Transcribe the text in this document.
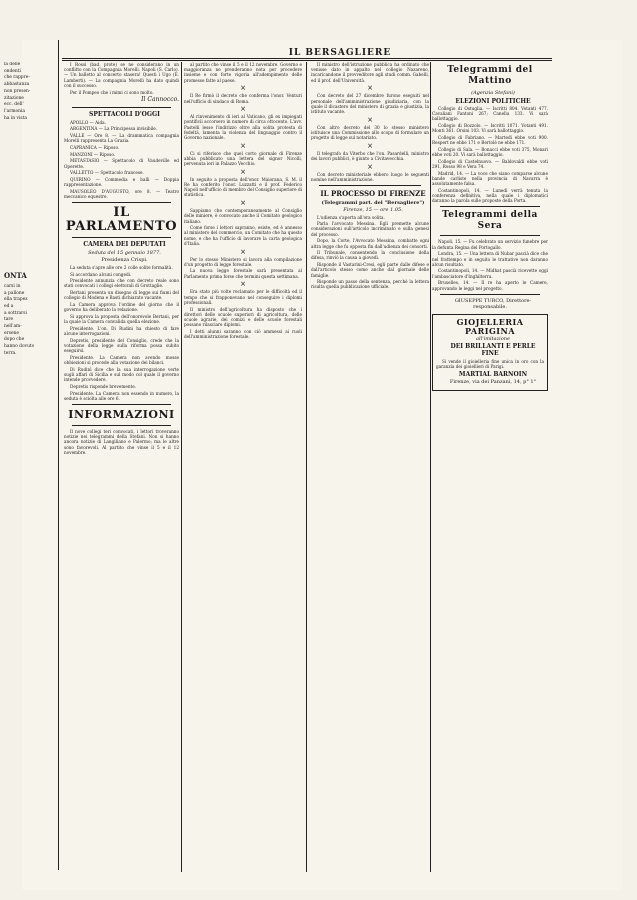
IL BERSAGLIERE

la delle

ondenti

che rappre-

abbastanza

non presen-

zitazione

ecc. dell'

l'armonia

ha in vista

ONTA

carsi in

a pallone

ella trapez

ed a

a sottrarsi

tare

nell'am-

ersene

dopo che

hanno dovuto

terra.

I Rossi (bad. prote) se ne considerano in un conflitto con la Compagnia Morelli. Napoli (S. Carlo). — Un balletto al concerto stasera! Questi i Ugo (E. Lamberti). — La compagnia Morelli ha dato quindi con il successo.

Per il Pompeo che i mimi ci sono molto.

Il Cannocco.

SPETTACOLI D'OGGI

APOLLO — Aida.

ARGENTINA — La Principessa invisibile.

VALLE — Ore 8. — La drammatica compagnia Morelli rappresenta La Grazia.

CAPRANICA — Riposo.

MANZONI — Riposo.

METASTASIO — Spettacolo di Vaudeville ed Operette.

VALLETTO — Spettacolo francese.

QUIRINO — Commedia e balli — Doppia rappresentazione.

MAUSOLEO D'AUGUSTO, ore 8. — Teatro meccanico equestre.

IL PARLAMENTO

CAMERA DEI DEPUTATI

Seduta del 15 gennaio 1877.

Presidenza Crispi.

La seduta s'apre alle ore 2 colle solite formalità.

Si accordano alcuni congedi.

Presidente annunzia che con decreto reale sono stati convocati i collegi elettorali di Grottaglie.

Bertani presenta un disegno di legge sui fiumi del collegio di Modena e Basti dichiarato vacante.

La Camera approva l'ordine del giorno che il governo ha deliberato la relazione.

Si approva la proposta dell'onorevole Bertani, per la quale la Camera convalida quella elezione.

Presidente. L'on. Di Rudinì ha chiesto di fare alcune interrogazioni.

Depretis, presidente del Consiglio, crede che la votazione della legge sulla riforma possa subito eseguirsi.

Presidente. La Camera non avendo mosse obbiezioni si procede alla votazione dei bilanci.

Di Rudinì dice che la sua interrogazione verte sugli affari di Sicilia e sul modo col quale il governo intende provvedere.

Depretis risponde brevemente.

Presidente. La Camera non essendo in numero, la seduta è sciolta alle ore 6.

INFORMAZIONI

Il nove collegi teri convocati, i lettori troveranno notizie nei telegrammi della Stefani. Non si hanno ancora notizie di Langiliano e Palermo; ma le altre sono favorevoli. Al partito che vinse il 5 e il 12 novembre.

al partito che vinse il 5 e il 12 novembre. Governo e maggioranza ne prenderanno nota per procedere insieme e con forte vigoria all'adempimento delle promesse fatte al paese.

×

Il Re firmò il decreto che conferma l'onor. Venturi nell'ufficio di sindaco di Roma.

×

Al rinvenimento di ieri al Vaticano, gli ex impiegati pontificii accorsero in numero di circa ottocento. L'avv. Pastelli lesse l'indirizzo oltre alla solita protesta di fedeltà, lamenta la violenza del linguaggio contro il Governo nazionale.

×

Ci si riferisce che quel corto giornale di Firenze abbia pubblicato una lettera del signor Nicolli, pervenuta ieri in Palazzo Vecchio.

×

In seguito a proposta dell'onor. Maiorana, S. M. il Re ha conferito l'onor. Luzzatti e il prof. Federico Napoli nell'ufficio di membro del Consiglio superiore di statistica.

×

Sappiamo che contemporaneamente al Consiglio delle miniere, è convocato anche il Comitato geologico italiano.

Come forse i lettori sapranno, esiste, ed è annesso al ministero del commercio, un Comitato che ha questo nome, e che ha l'ufficio di lavorare la carta geologica d'Italia.

×

Per lo stesso Ministero si lavora alla compilazione d'un progetto di legge forestale.

La nuova legge forestale sarà presentata al Parlamento prima forse che termini questa settimana.

×

Era stato più volte reclamato per le difficoltà ed il tempo che si frapponevano nel conseguire i diplomi professionali.

Il ministro dell'agricoltura ha disposto che i direttori delle scuole superiori di agricoltura, delle scuole agrarie, dei comizi e delle scuole forestali possano rilasciare diplomi.

I detti alunni saranno con ciò ammessi ai ruoli dell'amministrazione forestale.

Il ministro dell'istruzione pubblica ha ordinato che venisse dato in appalto nel collegio Nazareno, incaricandone il provveditore agli studi comm. Gabelli, ed il prof. dell'Università.

×

Con decreto del 27 dicembre furono eseguiti nel personale dell'amministrazione giudiziaria, con la quale il dicastero del ministero di grazia e giustizia, la istituto vacante.

×

Con altro decreto del 30 lo stesso ministero istituisce una Commissione allo scopo di formulare un progetto di legge sul notariato.

×

Il telegrafo da Viterbo che l'on. Pasardelli, ministro dei lavori pubblici, è giunto a Civitavecchia.

×

Con decreto ministeriale ebbero luogo le seguenti nomine nell'amministrazione.

IL PROCESSO DI FIRENZE

(Telegrammi part. del "Bersagliere")

Firenze, 15 — ore 1.05.

L'udienza s'aperta all'ora solita.

Parla l'avvocato Messina. Egli premette alcune considerazioni sull'articolo incriminato e sulla genesi del processo.

Dopo, la Corte, l'Avvocato Messina, combatte ogni altra legge che fu opposta fin dall'udienza dei consorti.

Il Tribunale, consentendo la conclusione della difesa, rinviò la causa a giovedì.

Risponde il Vastarini-Cresi, egli parte dalle difese e dall'articolo stesso come anche dal giornale delle famiglie.

Risponde un passo della sentenza, perchè la lettera risulta quella pubblicazione ufficiale.

Telegrammi del Mattino

(Agenzia Stefani)

ELEZIONI POLITICHE

Collegio di Ostuglia. — Iscritti 804. Votanti 477. Cavaliani Fantoni 267; Canella 133. Vi sarà ballottaggio.

Collegio di Bozzolo. — Iscritti 1071. Votanti 491. Monti 361. Orsini 103. Vi sarà ballottaggio.

Collegio di Fabriano. — Martedì ebbe voti 900. Respert ne ebbe 171 e Bertolè ne ebbe 171.

Collegio di Sala. — Bonacci ebbe voti 375, Monari ebbe voti 20. Vi sarà ballottaggio.

Collegio di Castelnuovo. — Baldovaldi ebbe voti 291, Rosso 98 e Vera 74.

Madrid, 14. — La voce che siano comparse alcune bande carliste nella provincia di Navarra è assolutamente falsa.

Costantinopoli, 14. — Lunedì verrà tenuta la conferenza definitiva, nella quale i diplomatici daranno la parola sulle proposte della Porta.

Telegrammi della Sera

Napoli, 15. — Fu celebrato un servizio funebre per la defunta Regina del Portogallo.

Londra, 15. — Una lettera di Nubar pascià dice che nel frattempo e in seguito le trattative non daranno alcun risultato.

Costantinopoli, 14. — Midhat pascià ricevette oggi l'ambasciatore d'Inghilterra.

Bruxelles, 14. — Il re ha aperto le Camere, approvando le leggi nel progetto.

GIUSEPPE TURCO, Direttore-responsabile.

GIOJELLERIA PARIGINA

all'imitazione

DEI BRILLANTI E PERLE FINE

Si vende il gioielleria fine unica in oro con la garanzia dei gioiellieri di Parigi.

MARTIAL BARNOIN

Firenze, via dei Panzani, 14, p° 1°
